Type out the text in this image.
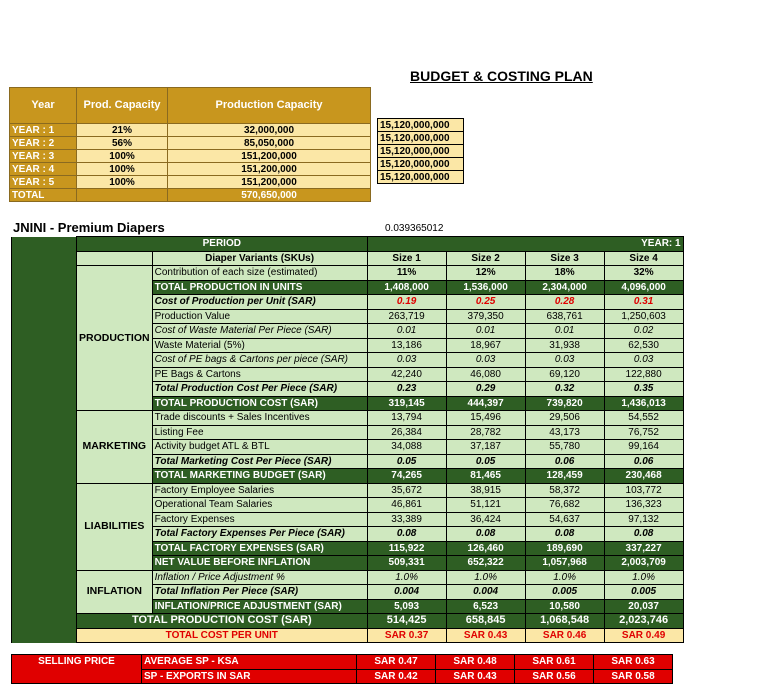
BUDGET & COSTING PLAN
Year	Prod. Capacity	Production Capacity
YEAR : 1	21%	32,000,000
YEAR : 2	56%	85,050,000
YEAR : 3	100%	151,200,000
YEAR : 4	100%	151,200,000
YEAR : 5	100%	151,200,000
TOTAL		570,650,000
15,120,000,000
15,120,000,000
15,120,000,000
15,120,000,000
15,120,000,000
JNINI - Premium Diapers	0.039365012
	PERIOD		YEAR: 1			
		Diaper Variants (SKUs)	Size 1	Size 2	Size 3	Size 4
	PRODUCTION	Contribution of each size (estimated)	11%	12%	18%	32%
		TOTAL PRODUCTION IN UNITS	1,408,000	1,536,000	2,304,000	4,096,000
		Cost of Production per Unit (SAR)	0.19	0.25	0.28	0.31
		Production Value	263,719	379,350	638,761	1,250,603
		Cost of Waste Material Per Piece (SAR)	0.01	0.01	0.01	0.02
		Waste Material (5%)	13,186	18,967	31,938	62,530
		Cost of PE bags & Cartons per piece (SAR)	0.03	0.03	0.03	0.03
		PE Bags & Cartons	42,240	46,080	69,120	122,880
		Total Production Cost Per Piece (SAR)	0.23	0.29	0.32	0.35
		TOTAL PRODUCTION COST (SAR)	319,145	444,397	739,820	1,436,013
	MARKETING	Trade discounts + Sales Incentives	13,794	15,496	29,506	54,552
		Listing Fee	26,384	28,782	43,173	76,752
		Activity budget ATL & BTL	34,088	37,187	55,780	99,164
		Total Marketing Cost Per Piece (SAR)	0.05	0.05	0.06	0.06
		TOTAL MARKETING BUDGET (SAR)	74,265	81,465	128,459	230,468
	LIABILITIES	Factory Employee Salaries	35,672	38,915	58,372	103,772
		Operational Team Salaries	46,861	51,121	76,682	136,323
		Factory Expenses	33,389	36,424	54,637	97,132
		Total Factory Expenses Per Piece (SAR)	0.08	0.08	0.08	0.08
		TOTAL FACTORY EXPENSES (SAR)	115,922	126,460	189,690	337,227
		NET VALUE BEFORE INFLATION	509,331	652,322	1,057,968	2,003,709
	INFLATION	Inflation / Price Adjustment %	1.0%	1.0%	1.0%	1.0%
		Total Inflation Per Piece (SAR)	0.004	0.004	0.005	0.005
		INFLATION/PRICE ADJUSTMENT (SAR)	5,093	6,523	10,580	20,037
	TOTAL PRODUCTION COST (SAR)		514,425	658,845	1,068,548	2,023,746
	TOTAL COST PER UNIT		SAR 0.37	SAR 0.43	SAR 0.46	SAR 0.49
SELLING PRICE	AVERAGE SP - KSA	SAR 0.47	SAR 0.48	SAR 0.61	SAR 0.63
	SP - EXPORTS IN SAR	SAR 0.42	SAR 0.43	SAR 0.56	SAR 0.58
